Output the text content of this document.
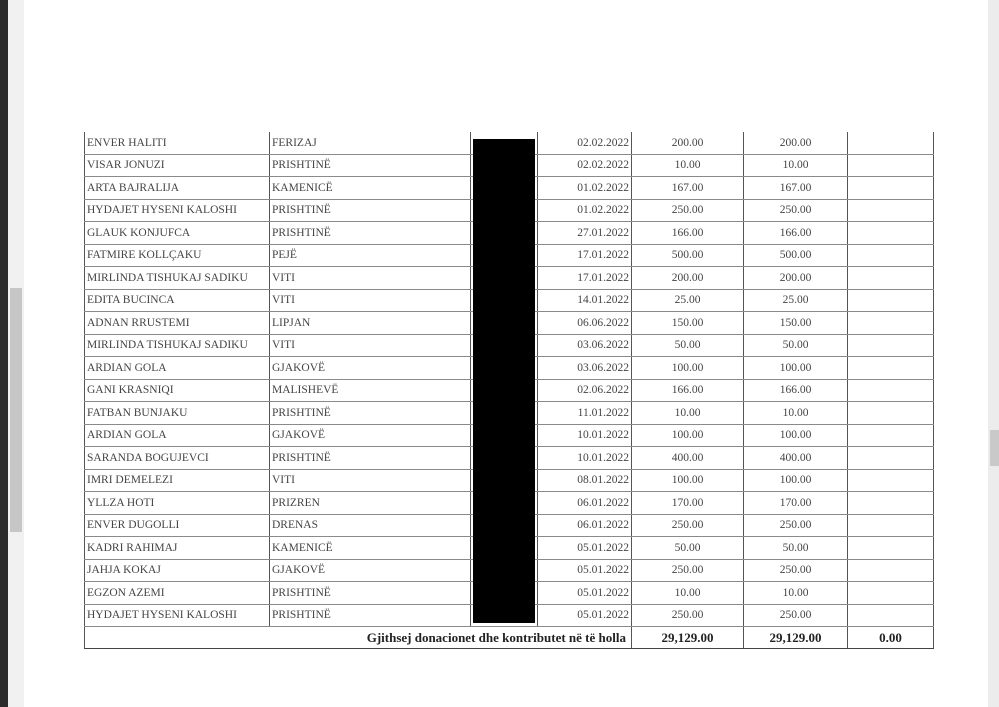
ENVER HALITI	FERIZAJ		02.02.2022	200.00	200.00	
VISAR JONUZI	PRISHTINË		02.02.2022	10.00	10.00	
ARTA BAJRALIJA	KAMENICË		01.02.2022	167.00	167.00	
HYDAJET HYSENI KALOSHI	PRISHTINË		01.02.2022	250.00	250.00	
GLAUK KONJUFCA	PRISHTINË		27.01.2022	166.00	166.00	
FATMIRE KOLLÇAKU	PEJË		17.01.2022	500.00	500.00	
MIRLINDA TISHUKAJ SADIKU	VITI		17.01.2022	200.00	200.00	
EDITA BUCINCA	VITI		14.01.2022	25.00	25.00	
ADNAN RRUSTEMI	LIPJAN		06.06.2022	150.00	150.00	
MIRLINDA TISHUKAJ SADIKU	VITI		03.06.2022	50.00	50.00	
ARDIAN GOLA	GJAKOVË		03.06.2022	100.00	100.00	
GANI KRASNIQI	MALISHEVË		02.06.2022	166.00	166.00	
FATBAN BUNJAKU	PRISHTINË		11.01.2022	10.00	10.00	
ARDIAN GOLA	GJAKOVË		10.01.2022	100.00	100.00	
SARANDA BOGUJEVCI	PRISHTINË		10.01.2022	400.00	400.00	
IMRI DEMELEZI	VITI		08.01.2022	100.00	100.00	
YLLZA HOTI	PRIZREN		06.01.2022	170.00	170.00	
ENVER DUGOLLI	DRENAS		06.01.2022	250.00	250.00	
KADRI RAHIMAJ	KAMENICË		05.01.2022	50.00	50.00	
JAHJA KOKAJ	GJAKOVË		05.01.2022	250.00	250.00	
EGZON AZEMI	PRISHTINË		05.01.2022	10.00	10.00	
HYDAJET HYSENI KALOSHI	PRISHTINË		05.01.2022	250.00	250.00	
Gjithsej donacionet dhe kontributet në të holla				29,129.00	29,129.00	0.00
